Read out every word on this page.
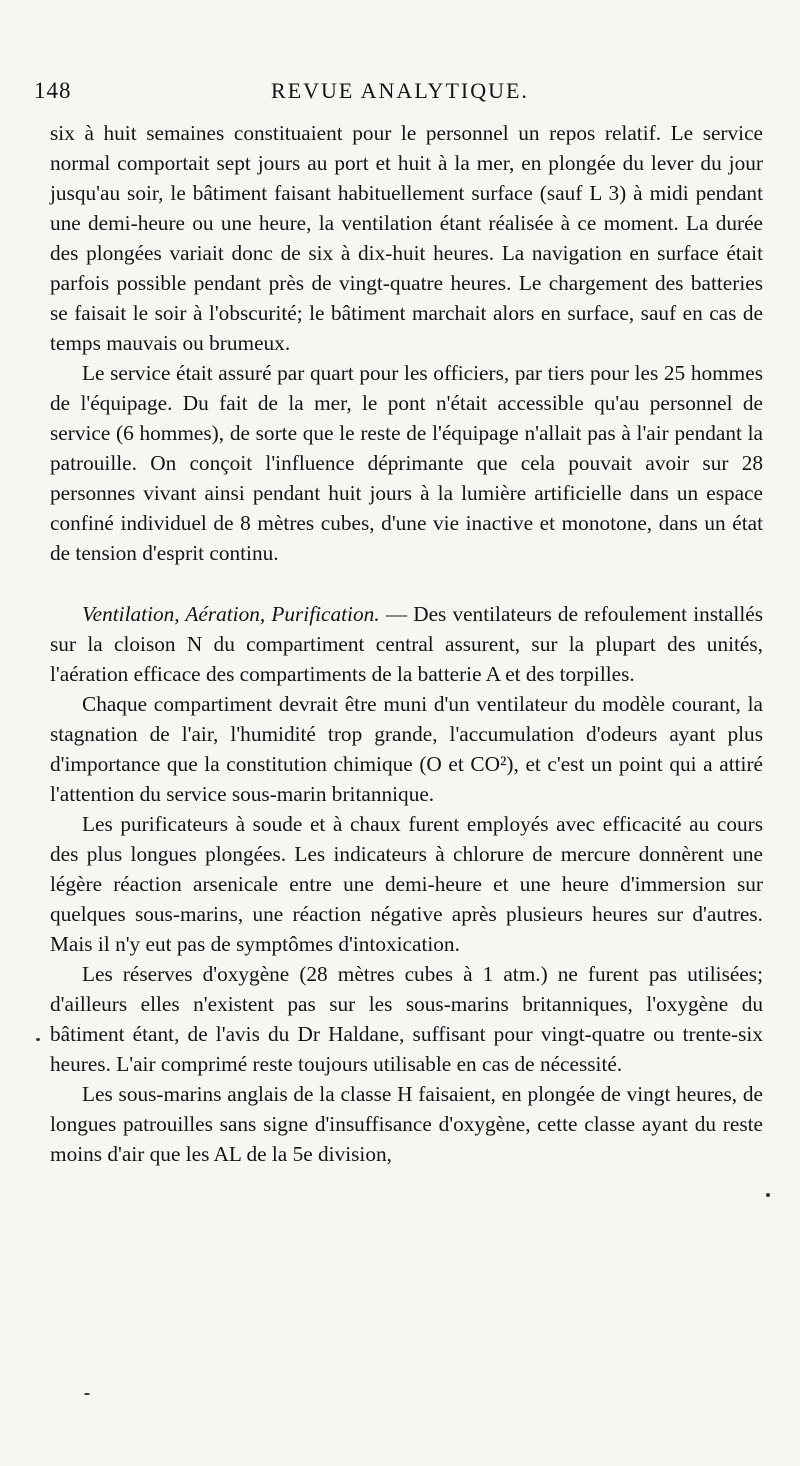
148	REVUE ANALYTIQUE.

six à huit semaines constituaient pour le personnel un repos relatif. Le service normal comportait sept jours au port et huit à la mer, en plongée du lever du jour jusqu'au soir, le bâtiment faisant habituellement surface (sauf L 3) à midi pendant une demi-heure ou une heure, la ventilation étant réalisée à ce moment. La durée des plongées variait donc de six à dix-huit heures. La navigation en surface était parfois possible pendant près de vingt-quatre heures. Le chargement des batteries se faisait le soir à l'obscurité; le bâtiment marchait alors en surface, sauf en cas de temps mauvais ou brumeux.

Le service était assuré par quart pour les officiers, par tiers pour les 25 hommes de l'équipage. Du fait de la mer, le pont n'était accessible qu'au personnel de service (6 hommes), de sorte que le reste de l'équipage n'allait pas à l'air pendant la patrouille. On conçoit l'influence déprimante que cela pouvait avoir sur 28 personnes vivant ainsi pendant huit jours à la lumière artificielle dans un espace confiné individuel de 8 mètres cubes, d'une vie inactive et monotone, dans un état de tension d'esprit continu.

Ventilation, Aération, Purification. — Des ventilateurs de refoulement installés sur la cloison N du compartiment central assurent, sur la plupart des unités, l'aération efficace des compartiments de la batterie A et des torpilles.

Chaque compartiment devrait être muni d'un ventilateur du modèle courant, la stagnation de l'air, l'humidité trop grande, l'accumulation d'odeurs ayant plus d'importance que la constitution chimique (O et CO²), et c'est un point qui a attiré l'attention du service sous-marin britannique.

Les purificateurs à soude et à chaux furent employés avec efficacité au cours des plus longues plongées. Les indicateurs à chlorure de mercure donnèrent une légère réaction arsenicale entre une demi-heure et une heure d'immersion sur quelques sous-marins, une réaction négative après plusieurs heures sur d'autres. Mais il n'y eut pas de symptômes d'intoxication.

Les réserves d'oxygène (28 mètres cubes à 1 atm.) ne furent pas utilisées; d'ailleurs elles n'existent pas sur les sous-marins britanniques, l'oxygène du bâtiment étant, de l'avis du Dr Haldane, suffisant pour vingt-quatre ou trente-six heures. L'air comprimé reste toujours utilisable en cas de nécessité.

Les sous-marins anglais de la classe H faisaient, en plongée de vingt heures, de longues patrouilles sans signe d'insuffisance d'oxygène, cette classe ayant du reste moins d'air que les AL de la 5e division,
